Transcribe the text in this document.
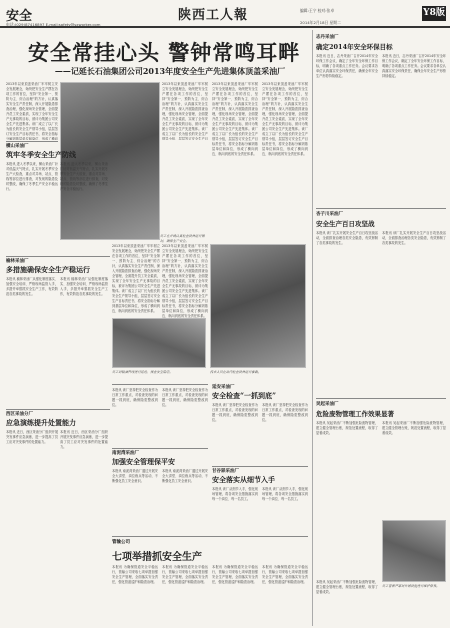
安全
电话:(029)87416897 E-mail:safety@sxworker.com
陕西工人報	编辑:王宁 校对:张卓
2014年2月18日 星期二
Y8版
安全常挂心头 警钟常鸣耳畔
——记延长石油集团公司2013年度安全生产先进集体顶盖采油厂
2013年以来顶盖采油厂牢牢树立安全发展理念，始终把安全生产摆在各项工作的首位，坚持“安全第一、预防为主、综合治理”的方针，认真落实安全生产责任制，深入开展隐患排查治理，强化现场安全管理，全面提升员工安全素质，实现了全年安全生产无事故的目标，被评为集团公司安全生产先进集体。该厂成立了以厂长为组长的安全生产领导小组，层层签订安全生产目标责任书，将安全指标分解到基层单位和岗位，形成了横向
2013年以来顶盖采油厂牢牢树立安全发展理念，始终把安全生产摆在各项工作的首位，坚持“安全第一、预防为主、综合治理”的方针，认真落实安全生产责任制，深入开展隐患排查治理，强化现场安全管理，全面提升员工安全素质，实现了全年安全生产无事故的目标，被评为集团公司安全生产先进集体。该厂成立了以厂长为组长的安全生产领导小组，层层签订安全生产目
2013年以来顶盖采油厂牢牢树立安全发展理念，始终把安全生产摆在各项工作的首位，坚持“安全第一、预防为主、综合治理”的方针，认真落实安全生产责任制，深入开展隐患排查治理，强化现场安全管理，全面提升员工安全素质，实现了全年安全生产无事故的目标，被评为集团公司安全生产先进集体。该厂成立了以厂长为组长的安全生产领导小组，层层签订安全生产目标责任书，将安全指标分解到基层单位和岗位，形成了横向到边、纵向到底的安全责任体系。
2013年以来顶盖采油厂牢牢树立安全发展理念，始终把安全生产摆在各项工作的首位，坚持“安全第一、预防为主、综合治理”的方针，认真落实安全生产责任制，深入开展隐患排查治理，强化现场安全管理，全面提升员工安全素质，实现了全年安全生产无事故的目标，被评为集团公司安全生产先进集体。该厂成立了以厂长为组长的安全生产领导小组，层层签订安全生产目标责任书，将安全指标分解到基层单位和岗位，形成了横向到边、纵向到底的安全责任体系。
员工在井场认真检查设备运行情况，确保生产安全。
横山采油厂
筑牢冬季安全生产防线
本报讯 进入冬季以来，横山采油厂针对低温天气特点，扎实开展冬季安全生产大检查，重点对井场、站点、管线等部位进行排查，对发现的隐患及时整改，确保了冬季生产安全平稳运行。
本报讯 进入冬季以来，横山采油厂针对低温天气特点，扎实开展冬季安全生产大检查，重点对井场、站点、管线等部位进行排查，对发现的隐患及时整改，确保了冬季生产安全平稳运行。
2013年以来顶盖采油厂牢牢树立安全发展理念，始终把安全生产摆在各项工作的首位，坚持“安全第一、预防为主、综合治理”的方针，认真落实安全生产责任制，深入开展隐患排查治理，强化现场安全管理，全面提升员工安全素质，实现了全年安全生产无事故的目标，被评为集团公司安全生产先进集体。该厂成立了以厂长为组长的安全生产领导小组，层层签订安全生产目标责任书，将安全指标分解到基层单位和岗位，形成了横向到边、纵向到底的安全责任体系。
2013年以来顶盖采油厂牢牢树立安全发展理念，始终把安全生产摆在各项工作的首位，坚持“安全第一、预防为主、综合治理”的方针，认真落实安全生产责任制，深入开展隐患排查治理，强化现场安全管理，全面提升员工安全素质，实现了全年安全生产无事故的目标，被评为集团公司安全生产先进集体。该厂成立了以厂长为组长的安全生产领导小组，层层签订安全生产目标责任书，将安全指标分解到基层单位和岗位，形成了横向到边、纵向到底的安全责任体系。
榆林采油厂
多措施确保安全生产稳运行
本报讯 榆林采油厂从强化制度落实、加强安全培训、严格现场监管入手，多措并举狠抓安全生产工作，有效防范各类事故的发生。
本报讯 榆林采油厂从强化制度落实、加强安全培训、严格现场监管入手，多措并举狠抓安全生产工作，有效防范各类事故的发生。
员工对输油管线进行巡检，排查安全隐患。	技术人员在站内检查设备运行参数。
西区采油分厂
应急演练提升处置能力
本报讯 近日，西区采油分厂组织开展突发事件应急演练，进一步提高了员工应对突发事件的处置能力。
本报讯 近日，西区采油分厂组织开展突发事件应急演练，进一步提高了员工应对突发事件的处置能力。
本报讯 该厂坚持把安全检查作为日常工作重点，对检查发现的问题一抓到底，确保隐患整改到位。
本报讯 该厂坚持把安全检查作为日常工作重点，对检查发现的问题一抓到底，确保隐患整改到位。
延安采油厂
安全检查“一抓到底”
本报讯 该厂坚持把安全检查作为日常工作重点，对检查发现的问题一抓到底，确保隐患整改到位。
本报讯 该厂坚持把安全检查作为日常工作重点，对检查发现的问题一抓到底，确保隐患整改到位。
南泥湾采油厂
加强安全管理保平安
本报讯 南泥湾采油厂通过开展安全大讲堂、岗位练兵等活动，不断强化员工安全意识。
本报讯 南泥湾采油厂通过开展安全大讲堂、岗位练兵等活动，不断强化员工安全意识。
甘谷驿采油厂
安全落实从细节入手
本报讯 该厂从细节入手，强化现场管理，将各项安全措施落实到每一个岗位、每一名员工。
本报讯 该厂从细节入手，强化现场管理，将各项安全措施落实到每一个岗位、每一名员工。
管输公司
七项举措抓安全生产
本报讯 为确保管道安全平稳运行，管输公司采取七项举措加强安全生产管理，全面落实安全责任，强化管道巡护和隐患治理。
本报讯 为确保管道安全平稳运行，管输公司采取七项举措加强安全生产管理，全面落实安全责任，强化管道巡护和隐患治理。
本报讯 为确保管道安全平稳运行，管输公司采取七项举措加强安全生产管理，全面落实安全责任，强化管道巡护和隐患治理。
本报讯 为确保管道安全平稳运行，管输公司采取七项举措加强安全生产管理，全面落实安全责任，强化管道巡护和隐患治理。
志丹采油厂
确定2014年安全环保目标
本报讯 近日，志丹采油厂召开2014年安全环保工作会议，确定了全年安全环保工作目标，明确了各项重点工作任务。会议要求各单位认真落实安全环保责任，确保全年安全生产形势持续稳定。
本报讯 近日，志丹采油厂召开2014年安全环保工作会议，确定了全年安全环保工作目标，明确了各项重点工作任务。会议要求各单位认真落实安全环保责任，确保全年安全生产形势持续稳定。
杏子川采油厂
安全生产百日攻坚战
本报讯 该厂扎实开展安全生产百日攻坚战活动，全面排查治理各类安全隐患，有效遏制了各类事故的发生。
本报讯 该厂扎实开展安全生产百日攻坚战活动，全面排查治理各类安全隐患，有效遏制了各类事故的发生。
吴起采油厂
危险废物管理工作效果显著
本报讯 吴起采油厂不断加强危险废物管理，建立健全管理台账，规范处置流程，取得了显著成效。
本报讯 吴起采油厂不断加强危险废物管理，建立健全管理台账，规范处置流程，取得了显著成效。
员工冒着严寒对井场设施进行维护保养。
本报讯 吴起采油厂不断加强危险废物管理，建立健全管理台账，规范处置流程，取得了显著成效。
